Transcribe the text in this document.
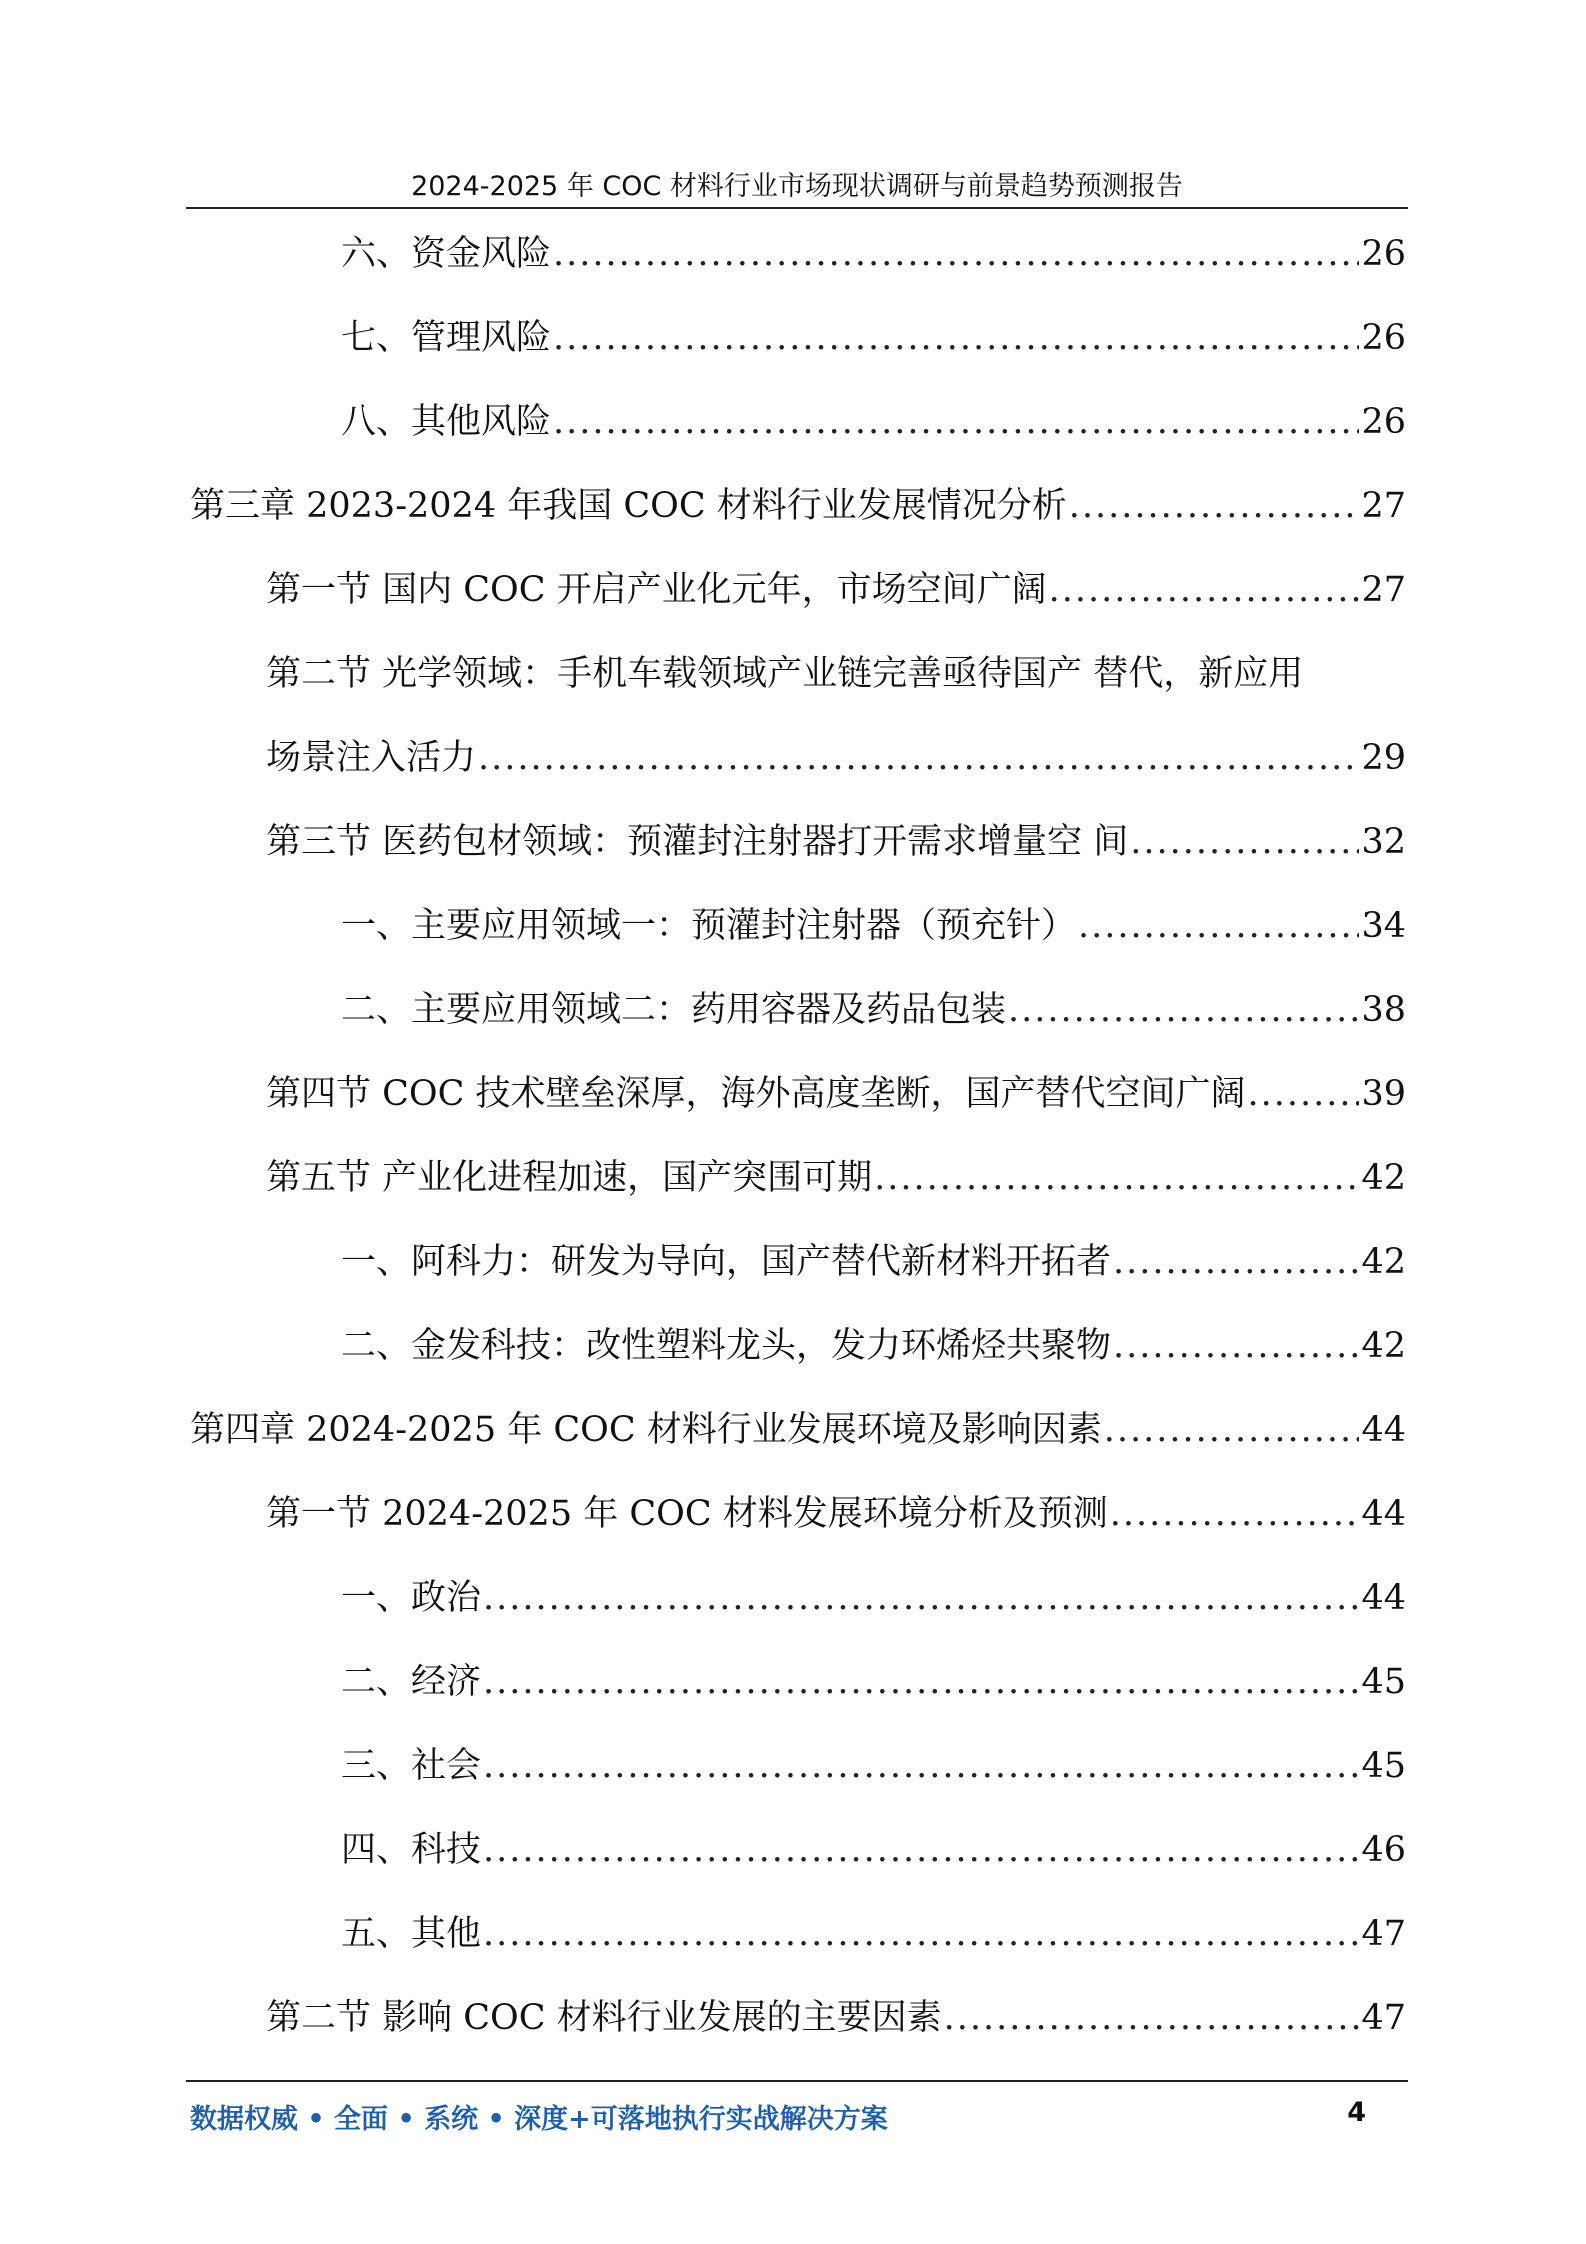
2024-2025 年 COC 材料行业市场现状调研与前景趋势预测报告
六、资金风险 .....	26
七、管理风险 .....	26
八、其他风险 .....	26
第三章 2023-2024 年我国 COC 材料行业发展情况分析 .....	27
第一节 国内 COC 开启产业化元年，市场空间广阔 .....	27
第二节 光学领域：手机车载领域产业链完善亟待国产 替代，新应用
场景注入活力 .....	29
第三节 医药包材领域：预灌封注射器打开需求增量空 间 .....	32
一、主要应用领域一：预灌封注射器（预充针） .....	34
二、主要应用领域二：药用容器及药品包装 .....	38
第四节 COC 技术壁垒深厚，海外高度垄断，国产替代空间广阔 .....	39
第五节 产业化进程加速，国产突围可期 .....	42
一、阿科力：研发为导向，国产替代新材料开拓者 .....	42
二、金发科技：改性塑料龙头，发力环烯烃共聚物 .....	42
第四章 2024-2025 年 COC 材料行业发展环境及影响因素 .....	44
第一节 2024-2025 年 COC 材料发展环境分析及预测 .....	44
一、政治 .....	44
二、经济 .....	45
三、社会 .....	45
四、科技 .....	46
五、其他 .....	47
第二节 影响 COC 材料行业发展的主要因素 .....	47
数据权威 • 全面 • 系统 • 深度+可落地执行实战解决方案	4
